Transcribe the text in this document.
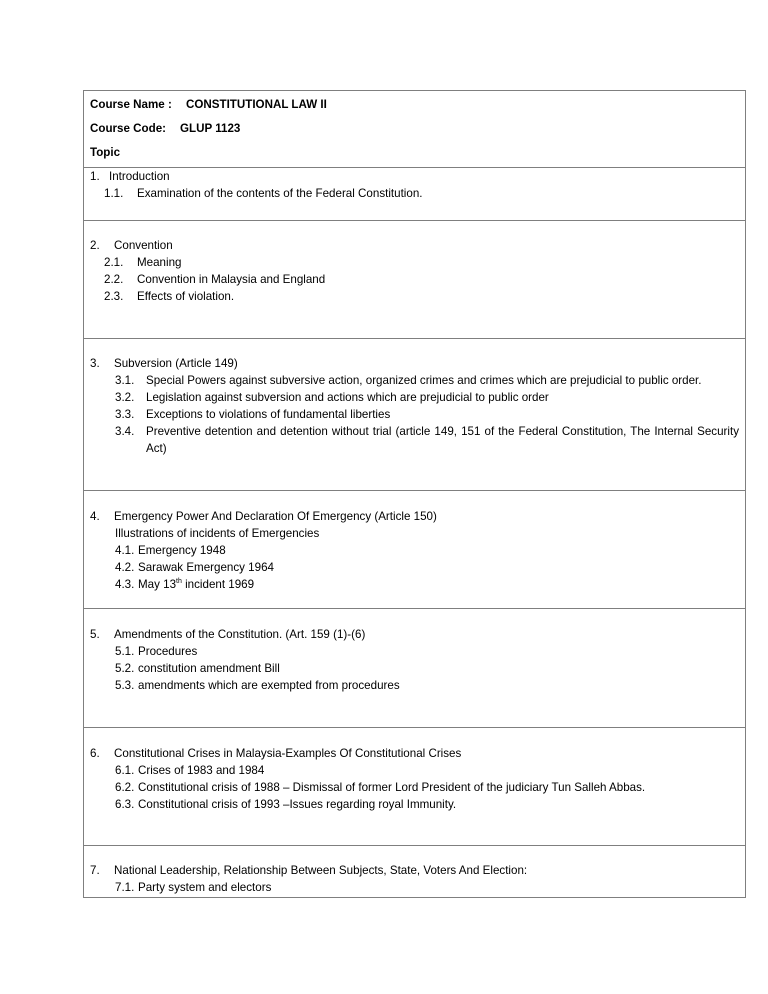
Course Name : CONSTITUTIONAL LAW II
Course Code: GLUP 1123
Topic

1. Introduction
1.1. Examination of the contents of the Federal Constitution.

2. Convention
2.1. Meaning
2.2. Convention in Malaysia and England
2.3. Effects of violation.

3. Subversion (Article 149)
3.1. Special Powers against subversive action, organized crimes and crimes which are prejudicial to public order.
3.2. Legislation against subversion and actions which are prejudicial to public order
3.3. Exceptions to violations of fundamental liberties
3.4. Preventive detention and detention without trial (article 149, 151 of the Federal Constitution, The Internal Security Act)

4. Emergency Power And Declaration Of Emergency (Article 150)
Illustrations of incidents of Emergencies
4.1. Emergency 1948
4.2. Sarawak Emergency 1964
4.3. May 13th incident 1969

5. Amendments of the Constitution. (Art. 159 (1)-(6)
5.1. Procedures
5.2. constitution amendment Bill
5.3. amendments which are exempted from procedures

6. Constitutional Crises in Malaysia-Examples Of Constitutional Crises
6.1. Crises of 1983 and 1984
6.2. Constitutional crisis of 1988 – Dismissal of former Lord President of the judiciary Tun Salleh Abbas.
6.3. Constitutional crisis of 1993 –Issues regarding royal Immunity.

7. National Leadership, Relationship Between Subjects, State, Voters And Election:
7.1. Party system and electors
